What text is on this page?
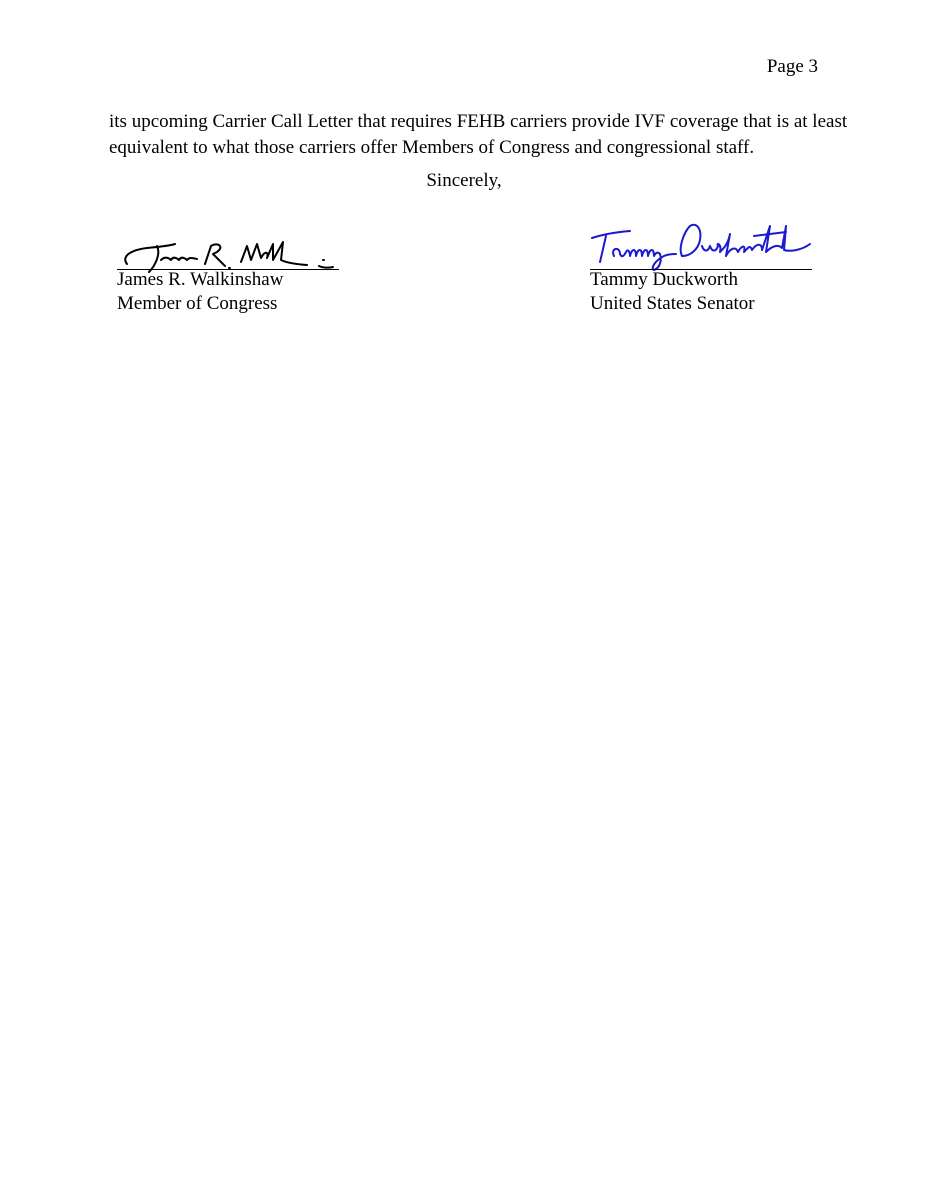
Page 3

its upcoming Carrier Call Letter that requires FEHB carriers provide IVF coverage that is at least

equivalent to what those carriers offer Members of Congress and congressional staff.

Sincerely,
James R. Walkinshaw
Member of Congress
Tammy Duckworth
United States Senator
